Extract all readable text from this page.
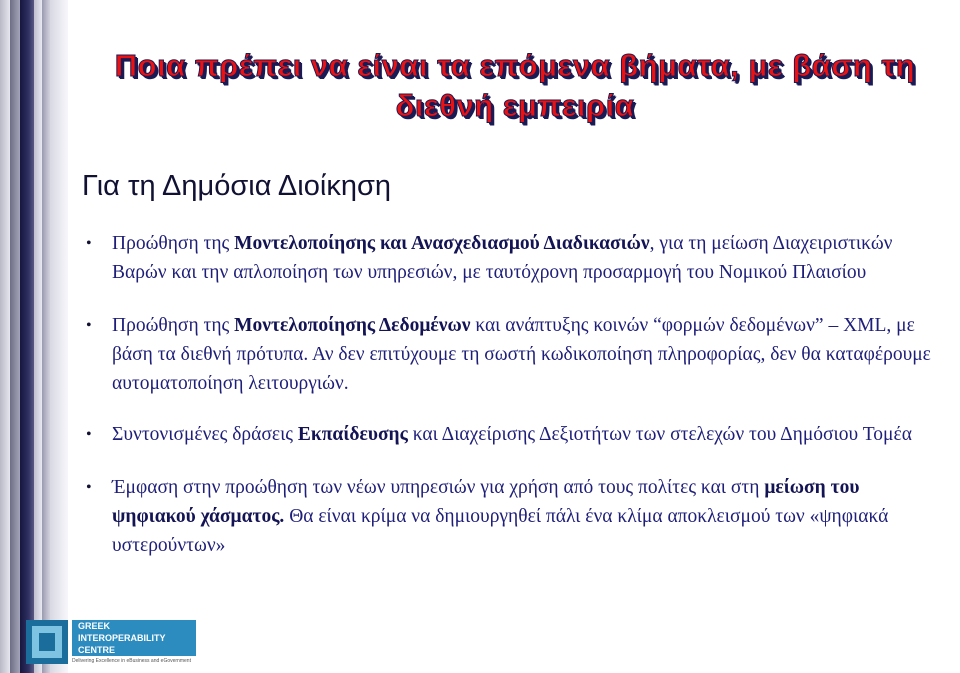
Ποια πρέπει να είναι τα επόμενα βήματα, με βάση τη
διεθνή εμπειρία
Για τη Δημόσια Διοίκηση
• Προώθηση της Μοντελοποίησης και Ανασχεδιασμού Διαδικασιών, για τη μείωση Διαχειριστικών Βαρών και την απλοποίηση των υπηρεσιών, με ταυτόχρονη προσαρμογή του Νομικού Πλαισίου
• Προώθηση της Μοντελοποίησης Δεδομένων και ανάπτυξης κοινών “φορμών δεδομένων” – XML, με βάση τα διεθνή πρότυπα. Αν δεν επιτύχουμε τη σωστή κωδικοποίηση πληροφορίας, δεν θα καταφέρουμε αυτοματοποίηση λειτουργιών.
• Συντονισμένες δράσεις Εκπαίδευσης και Διαχείρισης Δεξιοτήτων των στελεχών του Δημόσιου Τομέα
• Έμφαση στην προώθηση των νέων υπηρεσιών για χρήση από τους πολίτες και στη μείωση του ψηφιακού χάσματος. Θα είναι κρίμα να δημιουργηθεί πάλι ένα κλίμα αποκλεισμού των «ψηφιακά υστερούντων»
GREEK
INTEROPERABILITY
CENTRE
Delivering Excellence in eBusiness and eGovernment
